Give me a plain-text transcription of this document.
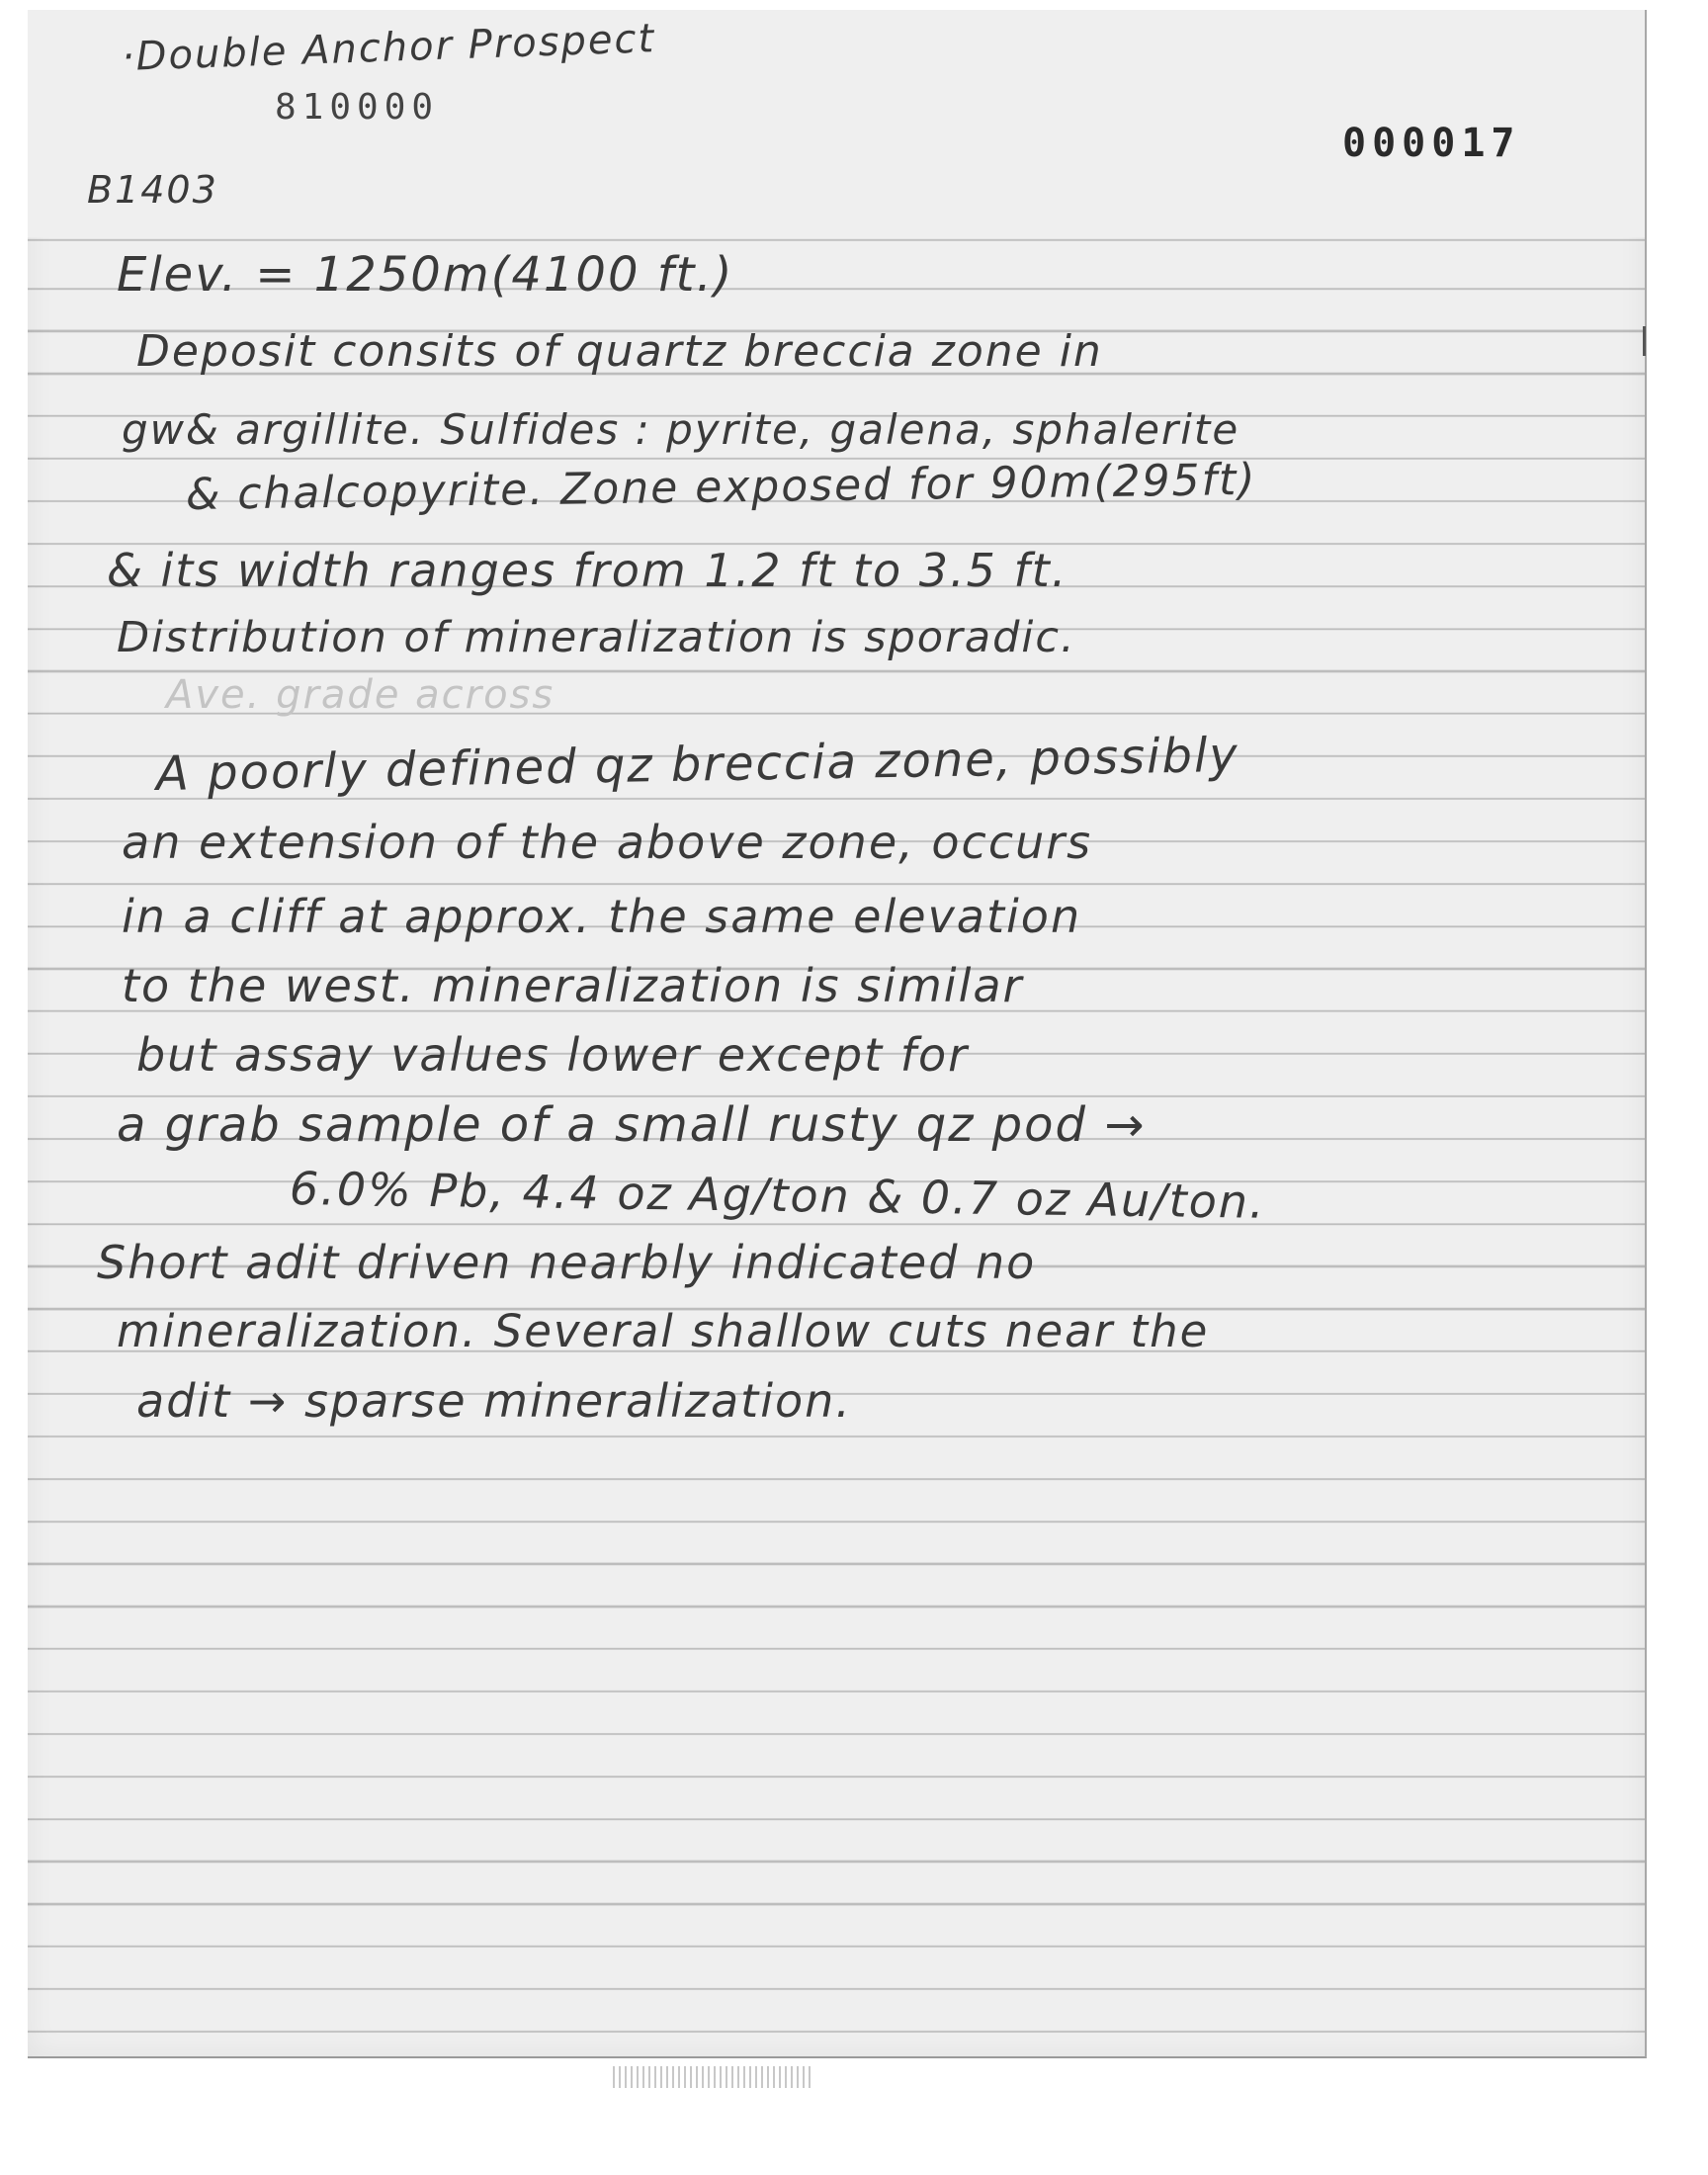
·Double Anchor Prospect
810000
000017
B1403
Elev. = 1250m(4100 ft.)
Deposit consits of quartz breccia zone in
gw& argillite. Sulfides : pyrite, galena, sphalerite
& chalcopyrite. Zone exposed for 90m(295ft)
& its width ranges from 1.2 ft to 3.5 ft.
Distribution of mineralization is sporadic.
Ave. grade across
A poorly defined qz breccia zone, possibly
an extension of the above zone, occurs
in a cliff at approx. the same elevation
to the west. mineralization is similar
but assay values lower except for
a grab sample of a small rusty qz pod →
6.0% Pb, 4.4 oz Ag/ton & 0.7 oz Au/ton.
Short adit driven nearbly indicated no
mineralization. Several shallow cuts near the
adit → sparse mineralization.
